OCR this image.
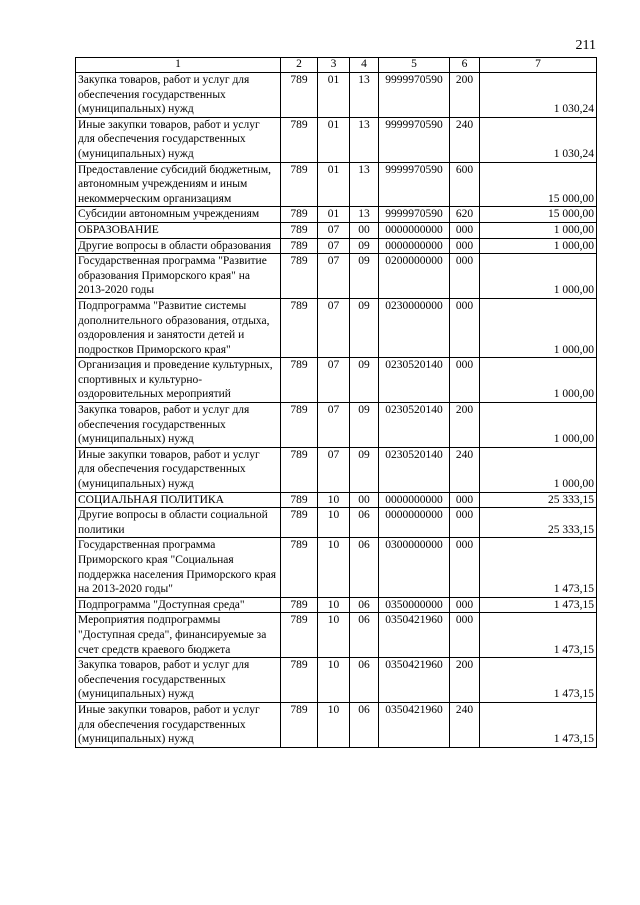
211
1	2	3	4	5	6	7
Закупка товаров, работ и услуг для обеспечения государственных (муниципальных) нужд	789	01	13	9999970590	200	1 030,24
Иные закупки товаров, работ и услуг для обеспечения государственных (муниципальных) нужд	789	01	13	9999970590	240	1 030,24
Предоставление субсидий бюджетным, автономным учреждениям и иным некоммерческим организациям	789	01	13	9999970590	600	15 000,00
Субсидии автономным учреждениям	789	01	13	9999970590	620	15 000,00
ОБРАЗОВАНИЕ	789	07	00	0000000000	000	1 000,00
Другие вопросы в области образования	789	07	09	0000000000	000	1 000,00
Государственная программа "Развитие образования Приморского края" на 2013-2020 годы	789	07	09	0200000000	000	1 000,00
Подпрограмма "Развитие системы дополнительного образования, отдыха, оздоровления и занятости детей и подростков Приморского края"	789	07	09	0230000000	000	1 000,00
Организация и проведение культурных, спортивных и культурно-оздоровительных мероприятий	789	07	09	0230520140	000	1 000,00
Закупка товаров, работ и услуг для обеспечения государственных (муниципальных) нужд	789	07	09	0230520140	200	1 000,00
Иные закупки товаров, работ и услуг для обеспечения государственных (муниципальных) нужд	789	07	09	0230520140	240	1 000,00
СОЦИАЛЬНАЯ ПОЛИТИКА	789	10	00	0000000000	000	25 333,15
Другие вопросы в области социальной политики	789	10	06	0000000000	000	25 333,15
Государственная программа Приморского края "Социальная поддержка населения Приморского края на 2013-2020 годы"	789	10	06	0300000000	000	1 473,15
Подпрограмма "Доступная среда"	789	10	06	0350000000	000	1 473,15
Мероприятия подпрограммы "Доступная среда", финансируемые за счет средств краевого бюджета	789	10	06	0350421960	000	1 473,15
Закупка товаров, работ и услуг для обеспечения государственных (муниципальных) нужд	789	10	06	0350421960	200	1 473,15
Иные закупки товаров, работ и услуг для обеспечения государственных (муниципальных) нужд	789	10	06	0350421960	240	1 473,15
